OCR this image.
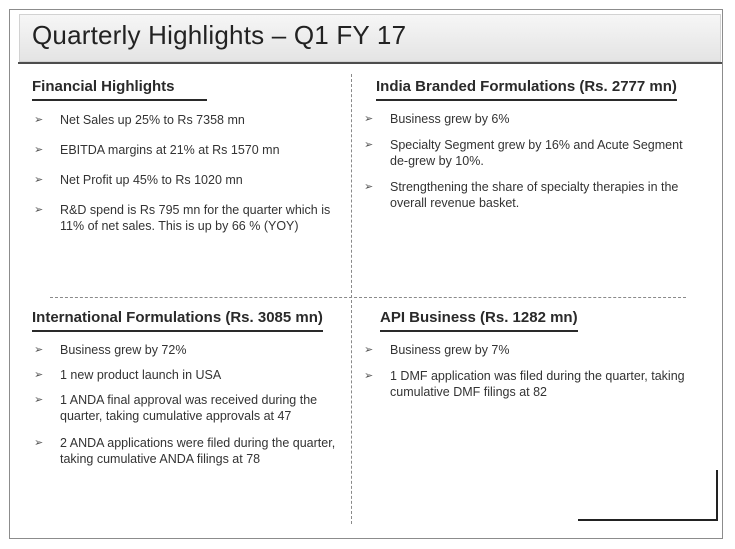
Quarterly Highlights – Q1 FY 17
Financial Highlights
➢ Net Sales up 25% to Rs 7358 mn
➢ EBITDA margins at 21% at Rs 1570 mn
➢ Net Profit up 45% to Rs 1020 mn
➢ R&D spend is Rs 795 mn for the quarter which is 11% of net sales. This is up by 66 % (YOY)
India Branded Formulations (Rs. 2777 mn)
➢ Business grew by 6%
➢ Specialty Segment grew by 16% and Acute Segment de-grew by 10%.
➢ Strengthening the share of specialty therapies in the overall revenue basket.
International Formulations (Rs. 3085 mn)
➢ Business grew by 72%
➢ 1 new product launch in USA
➢ 1 ANDA final approval was received during the quarter, taking cumulative approvals at 47
➢ 2 ANDA applications were filed during the quarter, taking cumulative ANDA filings at 78
API Business (Rs. 1282 mn)
➢ Business grew by 7%
➢ 1 DMF application was filed during the quarter, taking cumulative DMF filings at 82
